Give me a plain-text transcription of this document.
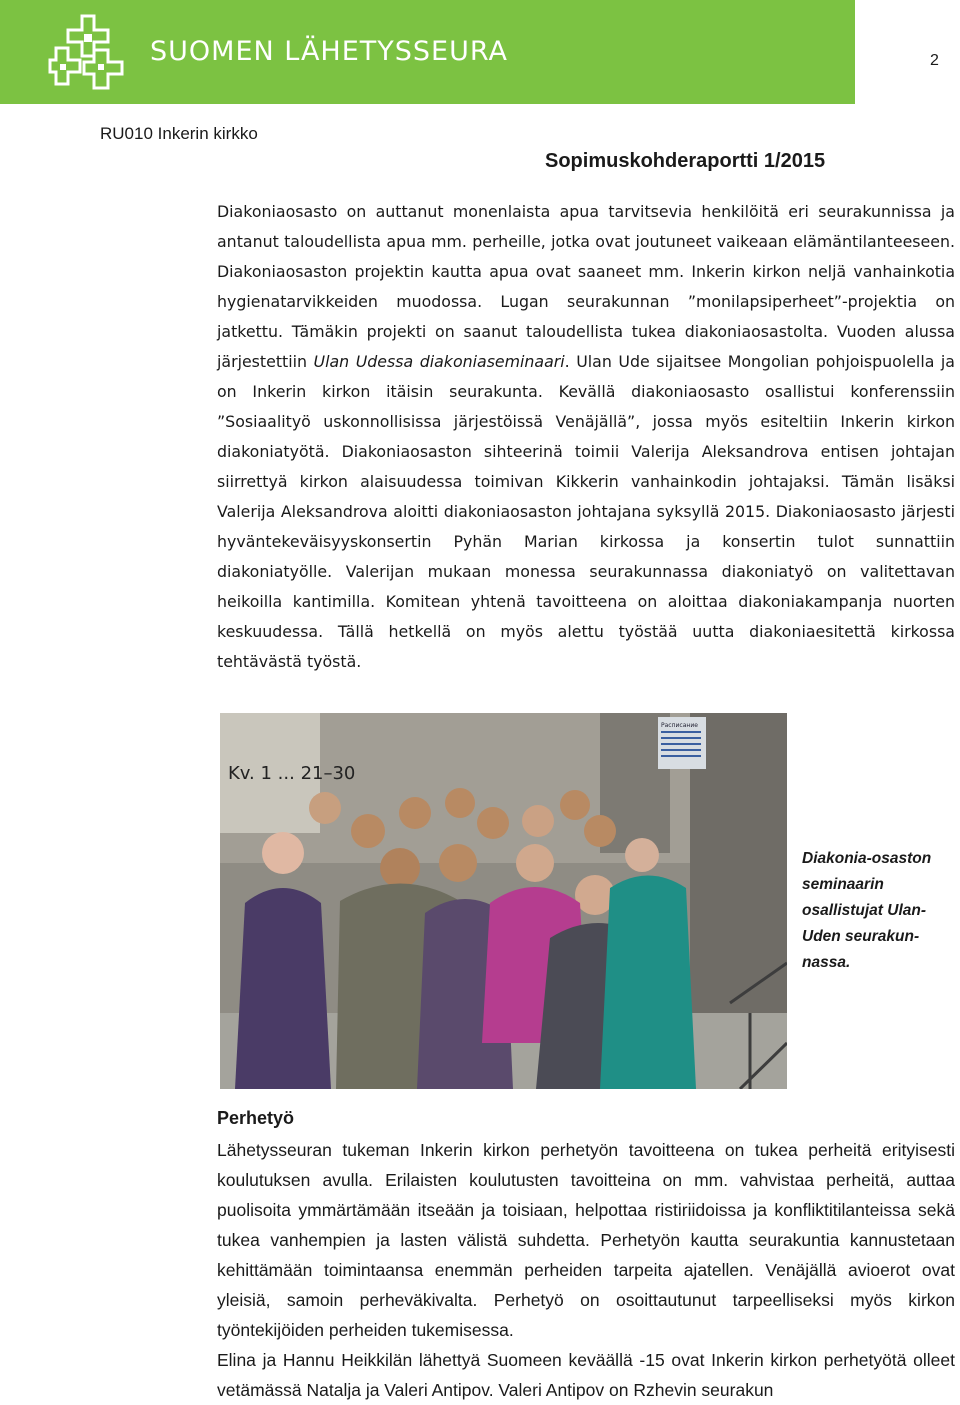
SUOMEN LÄHETYSSEURA	2
RU010 Inkerin kirkko
Sopimuskohderaportti 1/2015

Diakoniaosasto on auttanut monenlaista apua tarvitsevia henkilöitä eri seurakunnissa ja antanut taloudellista apua mm. perheille, jotka ovat joutuneet vaikeaan elämäntilanteeseen. Diakoniaosaston projektin kautta apua ovat saaneet mm. Inkerin kirkon neljä vanhainkotia hygienatarvikkeiden muodossa. Lugan seurakunnan ”monilapsiperheet”-projektia on jatkettu. Tämäkin projekti on saanut taloudellista tukea diakoniaosastolta. Vuoden alussa järjestettiin Ulan Udessa diakoniaseminaari. Ulan Ude sijaitsee Mongolian pohjoispuolella ja on Inkerin kirkon itäisin seurakunta. Kevällä diakoniaosasto osallistui konferenssiin ”Sosiaalityö uskonnollisissa järjestöissä Venäjällä”, jossa myös esiteltiin Inkerin kirkon diakoniatyötä. Diakoniaosaston sihteerinä toimii Valerija Aleksandrova entisen johtajan siirrettyä kirkon alaisuudessa toimivan Kikkerin vanhainkodin johtajaksi. Tämän lisäksi Valerija Aleksandrova aloitti diakoniaosaston johtajana syksyllä 2015. Diakoniaosasto järjesti hyväntekeväisyyskonsertin Pyhän Marian kirkossa ja konsertin tulot sunnattiin diakoniatyölle. Valerijan mukaan monessa seurakunnassa diakoniatyö on valitettavan heikoilla kantimilla. Komitean yhtenä tavoitteena on aloittaa diakoniakampanja nuorten keskuudessa. Tällä hetkellä on myös alettu työstää uutta diakoniaesitettä kirkossa tehtävästä työstä.

Расписание
Kv. 1 ... 21–30

Diakonia-osaston seminaarin osallistujat Ulan-Uden seurakunnassa.

Perhetyö

Lähetysseuran tukeman Inkerin kirkon perhetyön tavoitteena on tukea perheitä erityisesti koulutuksen avulla. Erilaisten koulutusten tavoitteina on mm. vahvistaa perheitä, auttaa puolisoita ymmärtämään itseään ja toisiaan, helpottaa ristiriidoissa ja konfliktitilanteissa sekä tukea vanhempien ja lasten välistä suhdetta. Perhetyön kautta seurakuntia kannustetaan kehittämään toimintaansa enemmän perheiden tarpeita ajatellen. Venäjällä avioerot ovat yleisiä, samoin perheväkivalta. Perhetyö on osoittautunut tarpeelliseksi myös kirkon työntekijöiden perheiden tukemisessa.

Elina ja Hannu Heikkilän lähettyä Suomeen keväällä -15 ovat Inkerin kirkon perhetyötä olleet vetämässä Natalja ja Valeri Antipov. Valeri Antipov on Rzhevin seurakun
